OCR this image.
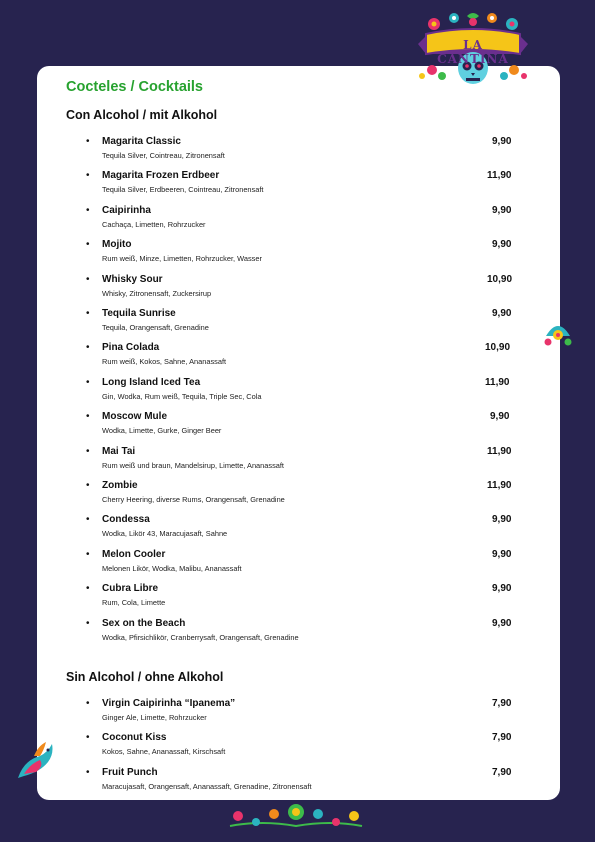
LA CANTINA
Cocteles / Cocktails
Con Alcohol / mit Alkohol
• Magarita Classic
Tequila Silver, Cointreau, Zitronensaft
9,90
• Magarita Frozen Erdbeer
Tequila Silver, Erdbeeren, Cointreau, Zitronensaft
11,90
• Caipirinha
Cachaça, Limetten, Rohrzucker
9,90
• Mojito
Rum weiß, Minze, Limetten, Rohrzucker, Wasser
9,90
• Whisky Sour
Whisky, Zitronensaft, Zuckersirup
10,90
• Tequila Sunrise
Tequila, Orangensaft, Grenadine
9,90
• Pina Colada
Rum weiß, Kokos, Sahne, Ananassaft
10,90
• Long Island Iced Tea
Gin, Wodka, Rum weiß, Tequila, Triple Sec, Cola
11,90
• Moscow Mule
Wodka, Limette, Gurke, Ginger Beer
9,90
• Mai Tai
Rum weiß und braun, Mandelsirup, Limette, Ananassaft
11,90
• Zombie
Cherry Heering, diverse Rums, Orangensaft, Grenadine
11,90
• Condessa
Wodka, Likör 43, Maracujasaft, Sahne
9,90
• Melon Cooler
Melonen Likör, Wodka, Malibu, Ananassaft
9,90
• Cubra Libre
Rum, Cola, Limette
9,90
• Sex on the Beach
Wodka, Pfirsichlikör, Cranberrysaft, Orangensaft, Grenadine
9,90
Sin Alcohol / ohne Alkohol
• Virgin Caipirinha “Ipanema”
Ginger Ale, Limette, Rohrzucker
7,90
• Coconut Kiss
Kokos, Sahne, Ananassaft, Kirschsaft
7,90
• Fruit Punch
Maracujasaft, Orangensaft, Ananassaft, Grenadine, Zitronensaft
7,90
